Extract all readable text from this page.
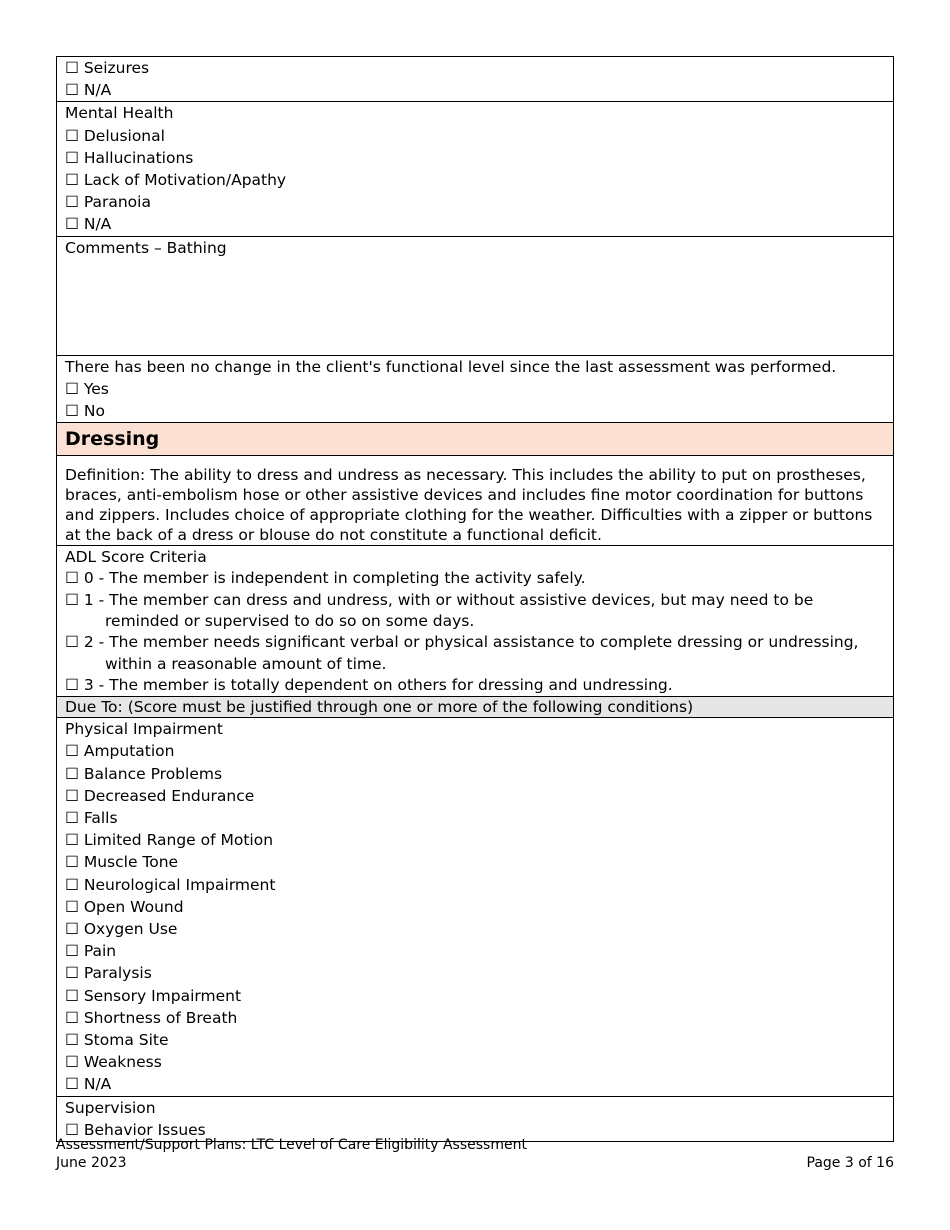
☐ Seizures
☐ N/A
Mental Health
☐ Delusional
☐ Hallucinations
☐ Lack of Motivation/Apathy
☐ Paranoia
☐ N/A
Comments – Bathing
There has been no change in the client's functional level since the last assessment was performed.
☐ Yes
☐ No
Dressing
Definition: The ability to dress and undress as necessary. This includes the ability to put on prostheses, braces, anti-embolism hose or other assistive devices and includes fine motor coordination for buttons and zippers. Includes choice of appropriate clothing for the weather. Difficulties with a zipper or buttons at the back of a dress or blouse do not constitute a functional deficit.
ADL Score Criteria
☐ 0 - The member is independent in completing the activity safely.
☐ 1 - The member can dress and undress, with or without assistive devices, but may need to be reminded or supervised to do so on some days.
☐ 2 - The member needs significant verbal or physical assistance to complete dressing or undressing, within a reasonable amount of time.
☐ 3 - The member is totally dependent on others for dressing and undressing.
Due To: (Score must be justified through one or more of the following conditions)
Physical Impairment
☐ Amputation
☐ Balance Problems
☐ Decreased Endurance
☐ Falls
☐ Limited Range of Motion
☐ Muscle Tone
☐ Neurological Impairment
☐ Open Wound
☐ Oxygen Use
☐ Pain
☐ Paralysis
☐ Sensory Impairment
☐ Shortness of Breath
☐ Stoma Site
☐ Weakness
☐ N/A
Supervision
☐ Behavior Issues
Assessment/Support Plans: LTC Level of Care Eligibility Assessment
June 2023	Page 3 of 16
